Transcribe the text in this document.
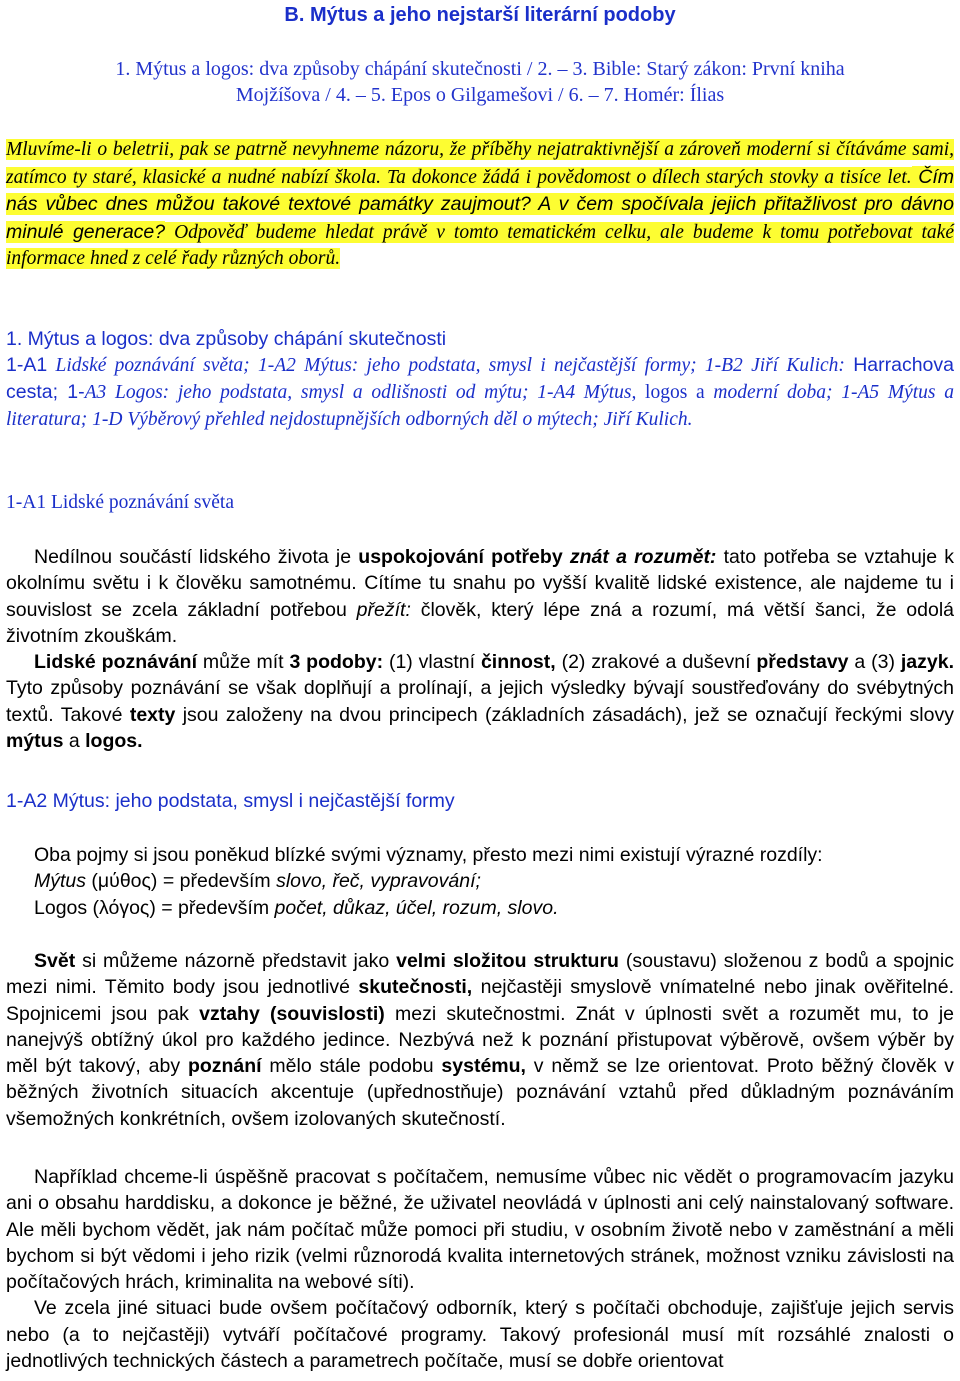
B. Mýtus a jeho nejstarší literární podoby
1. Mýtus a logos: dva způsoby chápání skutečnosti / 2. – 3. Bible: Starý zákon: První kniha
Mojžíšova / 4. – 5. Epos o Gilgamešovi / 6. – 7. Homér: Ílias
Mluvíme-li o beletrii, pak se patrně nevyhneme názoru, že příběhy nejatraktivnější a zároveň moderní si čítáváme sami, zatímco ty staré, klasické a nudné nabízí škola. Ta dokonce žádá i povědomost o dílech starých stovky a tisíce let. Čím nás vůbec dnes můžou takové textové památky zaujmout? A v čem spočívala jejich přitažlivost pro dávno minulé generace? Odpověď budeme hledat právě v tomto tematickém celku, ale budeme k tomu potřebovat také informace hned z celé řady různých oborů.
1. Mýtus a logos: dva způsoby chápání skutečnosti

1-A1 Lidské poznávání světa; 1-A2 Mýtus: jeho podstata, smysl i nejčastější formy; 1-B2 Jiří Kulich: Harrachova cesta; 1-A3 Logos: jeho podstata, smysl a odlišnosti od mýtu; 1-A4 Mýtus, logos a moderní doba; 1-A5 Mýtus a literatura; 1-D Výběrový přehled nejdostupnějších odborných děl o mýtech; Jiří Kulich.

1-A1 Lidské poznávání světa

Nedílnou součástí lidského života je uspokojování potřeby znát a rozumět: tato potřeba se vztahuje k okolnímu světu i k člověku samotnému. Cítíme tu snahu po vyšší kvalitě lidské existence, ale najdeme tu i souvislost se zcela základní potřebou přežít: člověk, který lépe zná a rozumí, má větší šanci, že odolá životním zkouškám.

Lidské poznávání může mít 3 podoby: (1) vlastní činnost, (2) zrakové a duševní představy a (3) jazyk. Tyto způsoby poznávání se však doplňují a prolínají, a jejich výsledky bývají soustřeďovány do svébytných textů. Takové texty jsou založeny na dvou principech (základních zásadách), jež se označují řeckými slovy mýtus a logos.

1-A2 Mýtus: jeho podstata, smysl i nejčastější formy

Oba pojmy si jsou poněkud blízké svými významy, přesto mezi nimi existují výrazné rozdíly:

Mýtus (μύθος) = především slovo, řeč, vypravování;

Logos (λόγος) = především počet, důkaz, účel, rozum, slovo.

Svět si můžeme názorně představit jako velmi složitou strukturu (soustavu) složenou z bodů a spojnic mezi nimi. Těmito body jsou jednotlivé skutečnosti, nejčastěji smyslově vnímatelné nebo jinak ověřitelné. Spojnicemi jsou pak vztahy (souvislosti) mezi skutečnostmi. Znát v úplnosti svět a rozumět mu, to je nanejvýš obtížný úkol pro každého jedince. Nezbývá než k poznání přistupovat výběrově, ovšem výběr by měl být takový, aby poznání mělo stále podobu systému, v němž se lze orientovat. Proto běžný člověk v běžných životních situacích akcentuje (upřednostňuje) poznávání vztahů před důkladným poznáváním všemožných konkrétních, ovšem izolovaných skutečností.

Například chceme-li úspěšně pracovat s počítačem, nemusíme vůbec nic vědět o programovacím jazyku ani o obsahu harddisku, a dokonce je běžné, že uživatel neovládá v úplnosti ani celý nainstalovaný software. Ale měli bychom vědět, jak nám počítač může pomoci při studiu, v osobním životě nebo v zaměstnání a měli bychom si být vědomi i jeho rizik (velmi různorodá kvalita internetových stránek, možnost vzniku závislosti na počítačových hrách, kriminalita na webové síti).

Ve zcela jiné situaci bude ovšem počítačový odborník, který s počítači obchoduje, zajišťuje jejich servis nebo (a to nejčastěji) vytváří počítačové programy. Takový profesionál musí mít rozsáhlé znalosti o jednotlivých technických částech a parametrech počítače, musí se dobře orientovat
